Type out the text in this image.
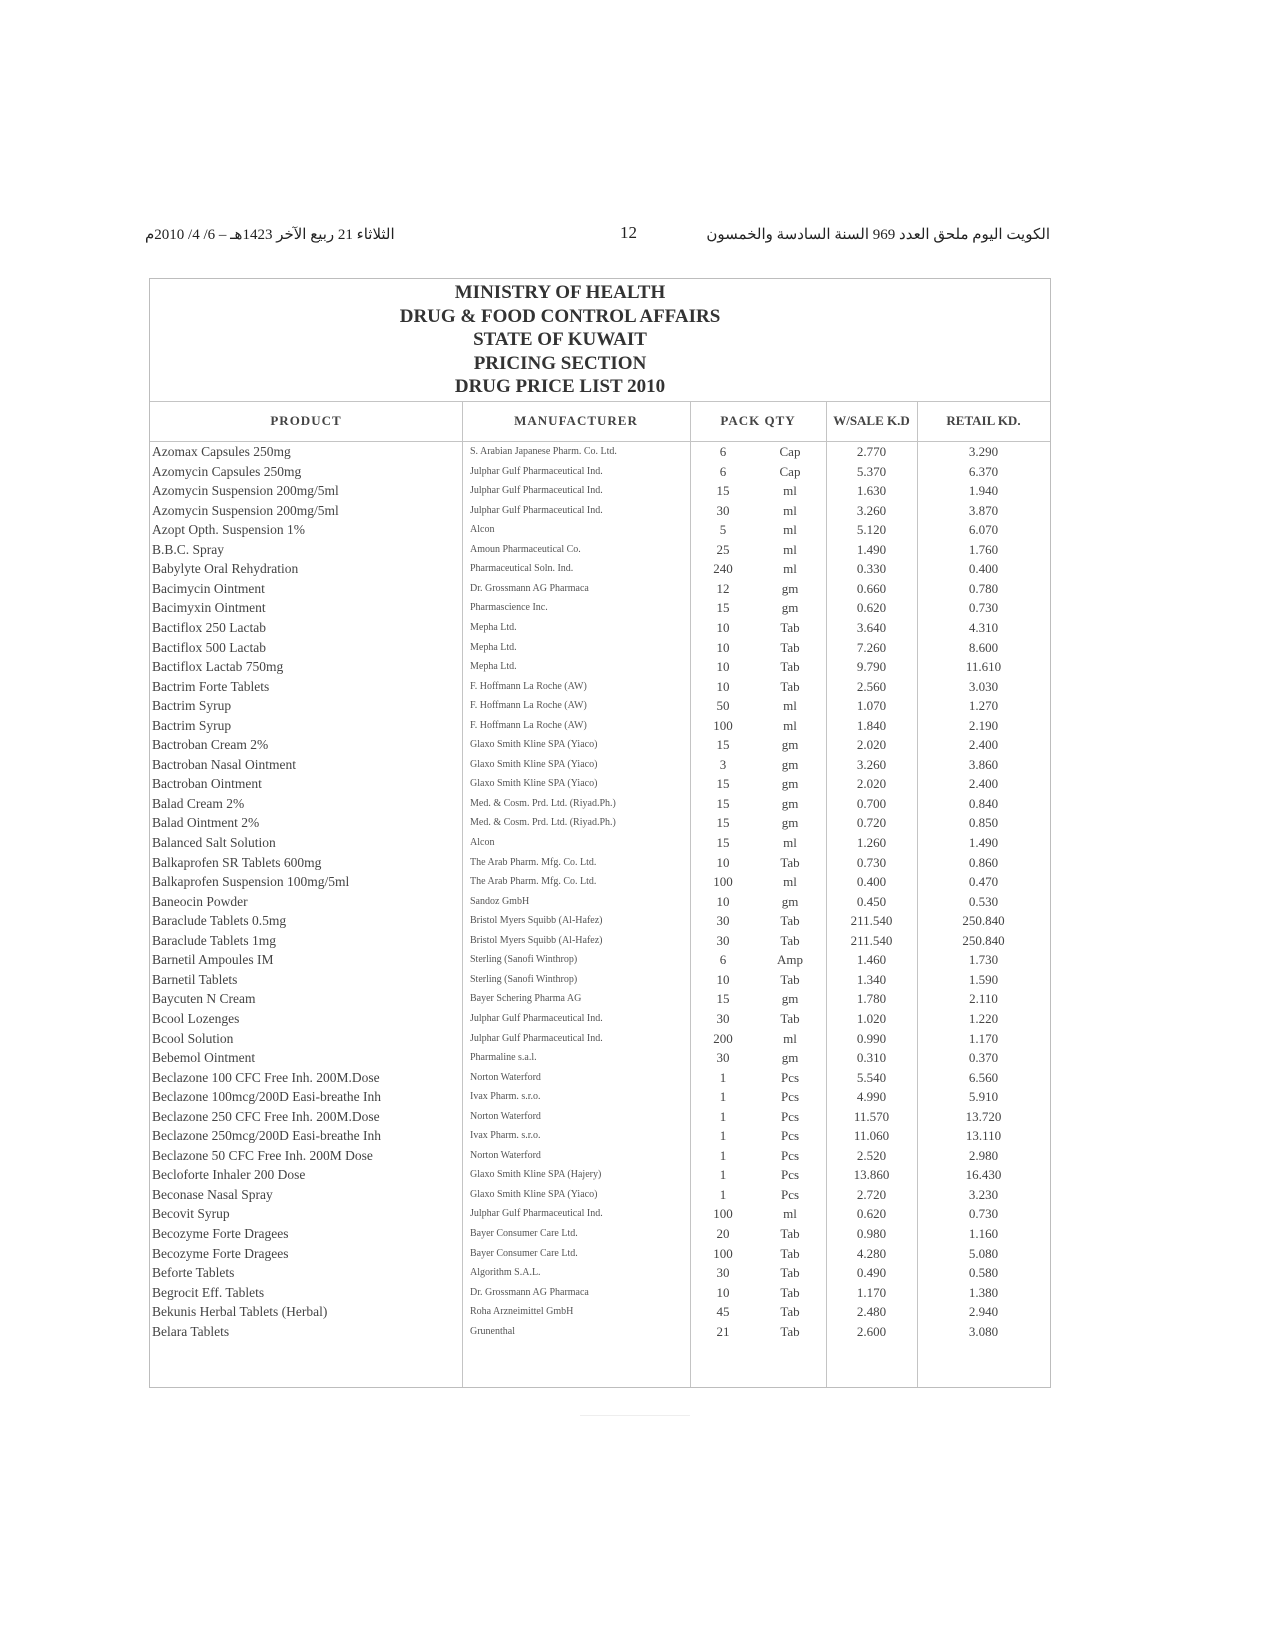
الثلاثاء 21 ربيع الآخر 1423هـ – 6/ 4/ 2010م	12	الكويت اليوم ملحق العدد 969 السنة السادسة والخمسون
MINISTRY OF HEALTH
DRUG & FOOD CONTROL AFFAIRS
STATE OF KUWAIT
PRICING SECTION
DRUG PRICE LIST 2010
PRODUCT	MANUFACTURER	PACK QTY	W/SALE K.D	RETAIL KD.
Azomax Capsules 250mg	S. Arabian Japanese Pharm. Co. Ltd.	6	Cap	2.770	3.290
Azomycin Capsules 250mg	Julphar Gulf Pharmaceutical Ind.	6	Cap	5.370	6.370
Azomycin Suspension 200mg/5ml	Julphar Gulf Pharmaceutical Ind.	15	ml	1.630	1.940
Azomycin Suspension 200mg/5ml	Julphar Gulf Pharmaceutical Ind.	30	ml	3.260	3.870
Azopt Opth. Suspension 1%	Alcon	5	ml	5.120	6.070
B.B.C. Spray	Amoun Pharmaceutical Co.	25	ml	1.490	1.760
Babylyte Oral Rehydration	Pharmaceutical Soln. Ind.	240	ml	0.330	0.400
Bacimycin Ointment	Dr. Grossmann AG Pharmaca	12	gm	0.660	0.780
Bacimyxin Ointment	Pharmascience Inc.	15	gm	0.620	0.730
Bactiflox 250 Lactab	Mepha Ltd.	10	Tab	3.640	4.310
Bactiflox 500 Lactab	Mepha Ltd.	10	Tab	7.260	8.600
Bactiflox Lactab 750mg	Mepha Ltd.	10	Tab	9.790	11.610
Bactrim Forte Tablets	F. Hoffmann La Roche (AW)	10	Tab	2.560	3.030
Bactrim Syrup	F. Hoffmann La Roche (AW)	50	ml	1.070	1.270
Bactrim Syrup	F. Hoffmann La Roche (AW)	100	ml	1.840	2.190
Bactroban Cream 2%	Glaxo Smith Kline SPA (Yiaco)	15	gm	2.020	2.400
Bactroban Nasal Ointment	Glaxo Smith Kline SPA (Yiaco)	3	gm	3.260	3.860
Bactroban Ointment	Glaxo Smith Kline SPA (Yiaco)	15	gm	2.020	2.400
Balad Cream 2%	Med. & Cosm. Prd. Ltd. (Riyad.Ph.)	15	gm	0.700	0.840
Balad Ointment 2%	Med. & Cosm. Prd. Ltd. (Riyad.Ph.)	15	gm	0.720	0.850
Balanced Salt Solution	Alcon	15	ml	1.260	1.490
Balkaprofen SR Tablets 600mg	The Arab Pharm. Mfg. Co. Ltd.	10	Tab	0.730	0.860
Balkaprofen Suspension 100mg/5ml	The Arab Pharm. Mfg. Co. Ltd.	100	ml	0.400	0.470
Baneocin Powder	Sandoz GmbH	10	gm	0.450	0.530
Baraclude Tablets 0.5mg	Bristol Myers Squibb (Al-Hafez)	30	Tab	211.540	250.840
Baraclude Tablets 1mg	Bristol Myers Squibb (Al-Hafez)	30	Tab	211.540	250.840
Barnetil Ampoules IM	Sterling (Sanofi Winthrop)	6	Amp	1.460	1.730
Barnetil Tablets	Sterling (Sanofi Winthrop)	10	Tab	1.340	1.590
Baycuten N Cream	Bayer Schering Pharma AG	15	gm	1.780	2.110
Bcool Lozenges	Julphar Gulf Pharmaceutical Ind.	30	Tab	1.020	1.220
Bcool Solution	Julphar Gulf Pharmaceutical Ind.	200	ml	0.990	1.170
Bebemol Ointment	Pharmaline s.a.l.	30	gm	0.310	0.370
Beclazone 100 CFC Free Inh. 200M.Dose	Norton Waterford	1	Pcs	5.540	6.560
Beclazone 100mcg/200D Easi-breathe Inh	Ivax Pharm. s.r.o.	1	Pcs	4.990	5.910
Beclazone 250 CFC Free Inh. 200M.Dose	Norton Waterford	1	Pcs	11.570	13.720
Beclazone 250mcg/200D Easi-breathe Inh	Ivax Pharm. s.r.o.	1	Pcs	11.060	13.110
Beclazone 50 CFC Free Inh. 200M Dose	Norton Waterford	1	Pcs	2.520	2.980
Becloforte Inhaler 200 Dose	Glaxo Smith Kline SPA (Hajery)	1	Pcs	13.860	16.430
Beconase Nasal Spray	Glaxo Smith Kline SPA (Yiaco)	1	Pcs	2.720	3.230
Becovit Syrup	Julphar Gulf Pharmaceutical Ind.	100	ml	0.620	0.730
Becozyme Forte Dragees	Bayer Consumer Care Ltd.	20	Tab	0.980	1.160
Becozyme Forte Dragees	Bayer Consumer Care Ltd.	100	Tab	4.280	5.080
Beforte Tablets	Algorithm S.A.L.	30	Tab	0.490	0.580
Begrocit Eff. Tablets	Dr. Grossmann AG Pharmaca	10	Tab	1.170	1.380
Bekunis Herbal Tablets (Herbal)	Roha Arzneimittel GmbH	45	Tab	2.480	2.940
Belara Tablets	Grunenthal	21	Tab	2.600	3.080
